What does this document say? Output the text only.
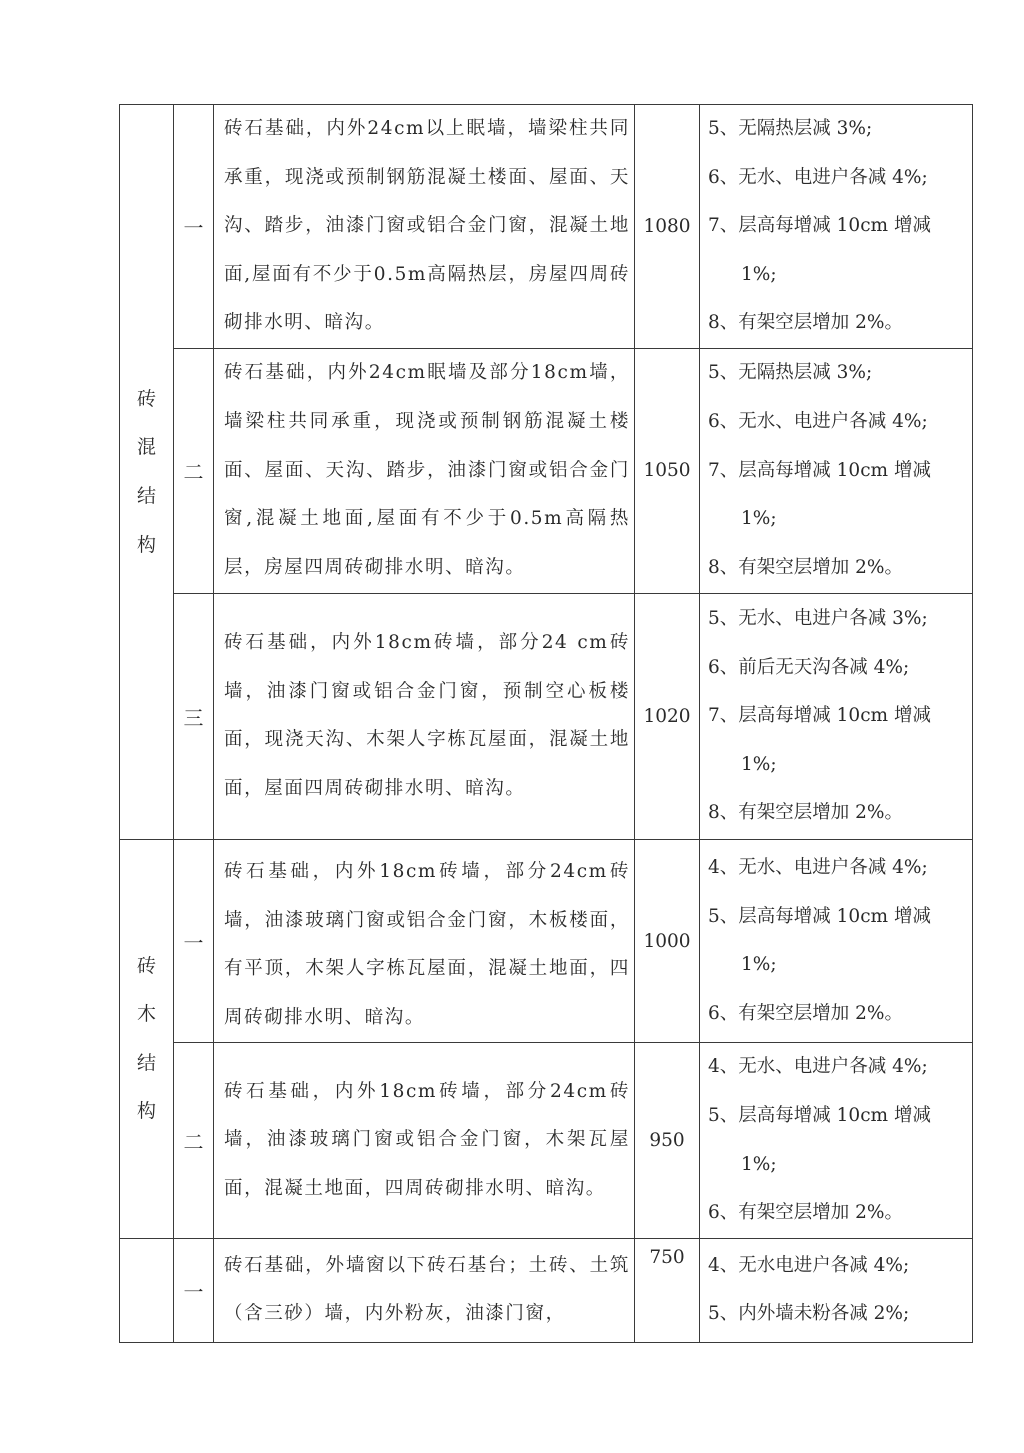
砖混结构	一	砖石基础，内外24cm以上眠墙，墙梁柱共同承重，现浇或预制钢筋混凝土楼面、屋面、天沟、踏步，油漆门窗或铝合金门窗，混凝土地面,屋面有不少于0.5m高隔热层，房屋四周砖砌排水明、暗沟。	1080	5、无隔热层减 3%;
6、无水、电进户各减 4%;
7、层高每增减 10cm 增减
1%;
8、有架空层增加 2%。

	二	砖石基础，内外24cm眠墙及部分18cm墙，墙梁柱共同承重，现浇或预制钢筋混凝土楼面、屋面、天沟、踏步，油漆门窗或铝合金门窗,混凝土地面,屋面有不少于0.5m高隔热层，房屋四周砖砌排水明、暗沟。	1050	5、无隔热层减 3%;
6、无水、电进户各减 4%;
7、层高每增减 10cm 增减
1%;
8、有架空层增加 2%。

	三	砖石基础，内外18cm砖墙，部分24 cm砖墙，油漆门窗或铝合金门窗，预制空心板楼面，现浇天沟、木架人字栋瓦屋面，混凝土地面，屋面四周砖砌排水明、暗沟。	1020	5、无水、电进户各减 3%;
6、前后无天沟各减 4%;
7、层高每增减 10cm 增减
1%;
8、有架空层增加 2%。

砖木结构	一	砖石基础，内外18cm砖墙，部分24cm砖墙，油漆玻璃门窗或铝合金门窗，木板楼面，有平顶，木架人字栋瓦屋面，混凝土地面，四周砖砌排水明、暗沟。	1000	4、无水、电进户各减 4%;
5、层高每增减 10cm 增减
1%;
6、有架空层增加 2%。

	二	砖石基础，内外18cm砖墙，部分24cm砖墙，油漆玻璃门窗或铝合金门窗，木架瓦屋面，混凝土地面，四周砖砌排水明、暗沟。	950	4、无水、电进户各减 4%;
5、层高每增减 10cm 增减
1%;
6、有架空层增加 2%。

	一	砖石基础，外墙窗以下砖石基台；土砖、土筑（含三砂）墙，内外粉灰，油漆门窗，	750	4、无水电进户各减 4%;
5、内外墙未粉各减 2%;
